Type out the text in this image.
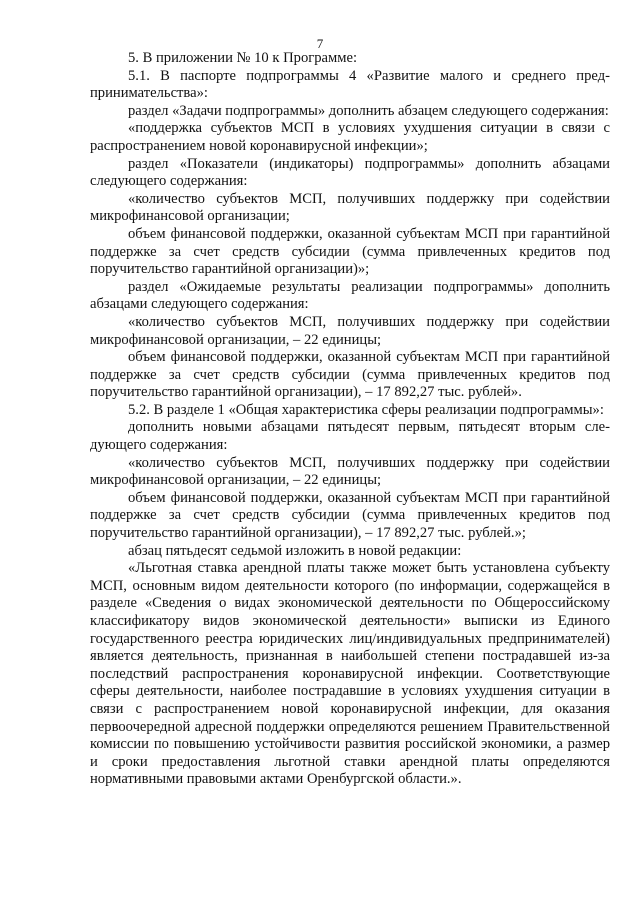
7

5. В приложении № 10 к Программе:

5.1. В паспорте подпрограммы 4 «Развитие малого и среднего предпринимательства»:

раздел «Задачи подпрограммы» дополнить абзацем следующего содержания:

«поддержка субъектов МСП в условиях ухудшения ситуации в связи с распространением новой коронавирусной инфекции»;

раздел «Показатели (индикаторы) подпрограммы» дополнить абзацами следующего содержания:

«количество субъектов МСП, получивших поддержку при содействии микрофинансовой организации;

объем финансовой поддержки, оказанной субъектам МСП при гарантийной поддержке за счет средств субсидии (сумма привлеченных кредитов под поручительство гарантийной организации)»;

раздел «Ожидаемые результаты реализации подпрограммы» дополнить абзацами следующего содержания:

«количество субъектов МСП, получивших поддержку при содействии микрофинансовой организации, – 22 единицы;

объем финансовой поддержки, оказанной субъектам МСП при гарантийной поддержке за счет средств субсидии (сумма привлеченных кредитов под поручительство гарантийной организации), – 17 892,27 тыс. рублей».

5.2. В разделе 1 «Общая характеристика сферы реализации подпрограммы»:

дополнить новыми абзацами пятьдесят первым, пятьдесят вторым следующего содержания:

«количество субъектов МСП, получивших поддержку при содействии микрофинансовой организации, – 22 единицы;

объем финансовой поддержки, оказанной субъектам МСП при гарантийной поддержке за счет средств субсидии (сумма привлеченных кредитов под поручительство гарантийной организации), – 17 892,27 тыс. рублей.»;

абзац пятьдесят седьмой изложить в новой редакции:

«Льготная ставка арендной платы также может быть установлена субъекту МСП, основным видом деятельности которого (по информации, содержащейся в разделе «Сведения о видах экономической деятельности по Общероссийскому классификатору видов экономической деятельности» выписки из Единого государственного реестра юридических лиц/индивидуальных предпринимателей) является деятельность, признанная в наибольшей степени пострадавшей из-за последствий распространения коронавирусной инфекции. Соответствующие сферы деятельности, наиболее пострадавшие в условиях ухудшения ситуации в связи с распространением новой коронавирусной инфекции, для оказания первоочередной адресной поддержки определяются решением Правительственной комиссии по повышению устойчивости развития российской экономики, а размер и сроки предоставления льготной ставки арендной платы определяются нормативными правовыми актами Оренбургской области.».
